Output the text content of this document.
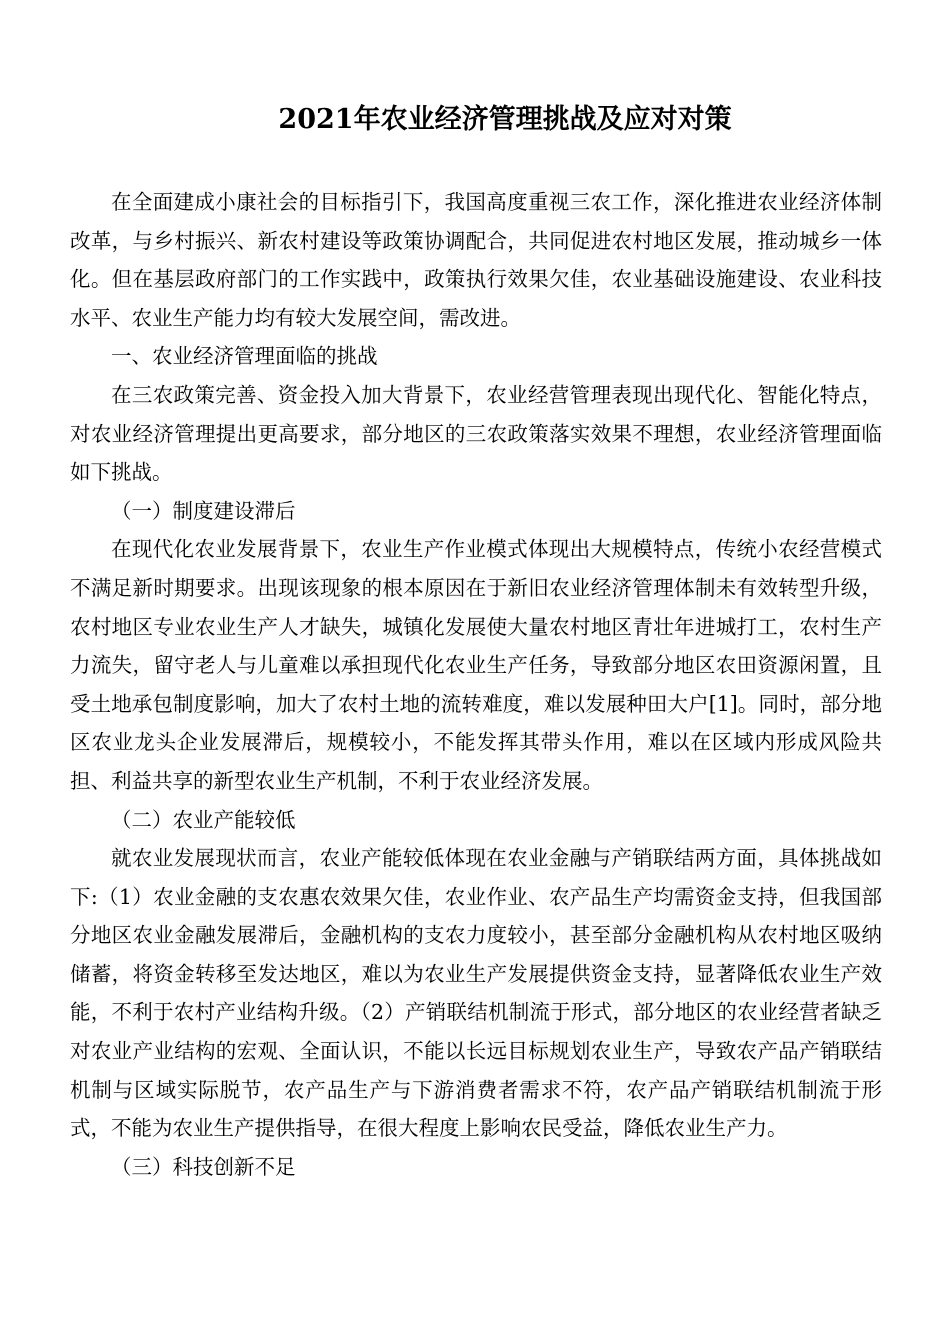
2021年农业经济管理挑战及应对对策

在全面建成小康社会的目标指引下，我国高度重视三农工作，深化推进农业经济体制改革，与乡村振兴、新农村建设等政策协调配合，共同促进农村地区发展，推动城乡一体化。但在基层政府部门的工作实践中，政策执行效果欠佳，农业基础设施建设、农业科技水平、农业生产能力均有较大发展空间，需改进。

一、农业经济管理面临的挑战

在三农政策完善、资金投入加大背景下，农业经营管理表现出现代化、智能化特点，对农业经济管理提出更高要求，部分地区的三农政策落实效果不理想，农业经济管理面临如下挑战。

（一）制度建设滞后

在现代化农业发展背景下，农业生产作业模式体现出大规模特点，传统小农经营模式不满足新时期要求。出现该现象的根本原因在于新旧农业经济管理体制未有效转型升级，农村地区专业农业生产人才缺失，城镇化发展使大量农村地区青壮年进城打工，农村生产力流失，留守老人与儿童难以承担现代化农业生产任务，导致部分地区农田资源闲置，且受土地承包制度影响，加大了农村土地的流转难度，难以发展种田大户[1]。同时，部分地区农业龙头企业发展滞后，规模较小，不能发挥其带头作用，难以在区域内形成风险共担、利益共享的新型农业生产机制，不利于农业经济发展。

（二）农业产能较低

就农业发展现状而言，农业产能较低体现在农业金融与产销联结两方面，具体挑战如下:（1）农业金融的支农惠农效果欠佳，农业作业、农产品生产均需资金支持，但我国部分地区农业金融发展滞后，金融机构的支农力度较小，甚至部分金融机构从农村地区吸纳储蓄，将资金转移至发达地区，难以为农业生产发展提供资金支持，显著降低农业生产效能，不利于农村产业结构升级。（2）产销联结机制流于形式，部分地区的农业经营者缺乏对农业产业结构的宏观、全面认识，不能以长远目标规划农业生产，导致农产品产销联结机制与区域实际脱节，农产品生产与下游消费者需求不符，农产品产销联结机制流于形式，不能为农业生产提供指导，在很大程度上影响农民受益，降低农业生产力。

（三）科技创新不足
